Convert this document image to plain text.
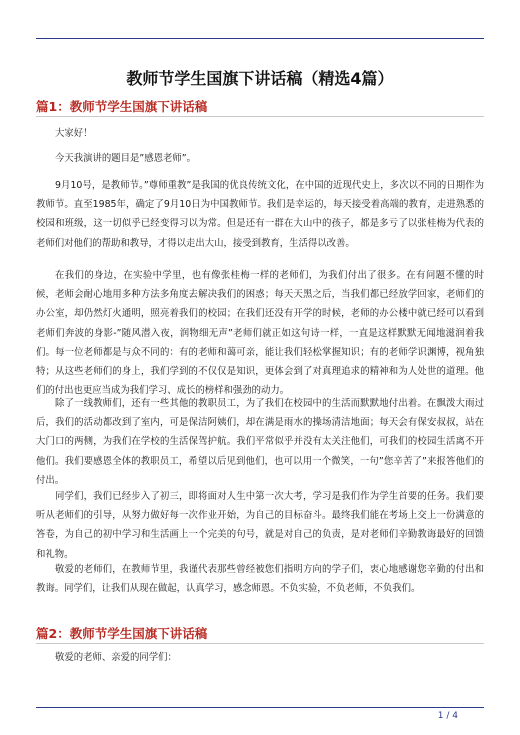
教师节学生国旗下讲话稿（精选4篇）
篇1：教师节学生国旗下讲话稿

大家好！

今天我演讲的题目是”感恩老师”。

9月10号，是教师节。”尊师重教”是我国的优良传统文化，在中国的近现代史上，多次以不同的日期作为教师节。直至1985年，确定了9月10日为中国教师节。我们是幸运的，每天接受着高端的教育，走进熟悉的校园和班级，这一切似乎已经变得习以为常。但是还有一群在大山中的孩子，都是多亏了以张桂梅为代表的老师们对他们的帮助和教导，才得以走出大山，接受到教育，生活得以改善。

在我们的身边，在实验中学里，也有像张桂梅一样的老师们，为我们付出了很多。在有问题不懂的时候，老师会耐心地用多种方法多角度去解决我们的困惑；每天天黑之后，当我们都已经放学回家，老师们的办公室，却仍然灯火通明，照亮着我们的校园；在我们还没有开学的时候，老师的办公楼中就已经可以看到老师们奔波的身影-”随风潜入夜，润物细无声”老师们就正如这句诗一样，一直是这样默默无闻地滋润着我们。每一位老师都是与众不同的：有的老师和蔼可亲，能让我们轻松掌握知识；有的老师学识渊博，视角独特；从这些老师们的身上，我们学到的不仅仅是知识，更体会到了对真理追求的精神和为人处世的道理。他们的付出也更应当成为我们学习、成长的榜样和强劲的动力。

除了一线教师们，还有一些其他的教职员工，为了我们在校园中的生活而默默地付出着。在飘泼大雨过后，我们的活动都改到了室内，可是保洁阿姨们，却在满是雨水的操场清洁地面；每天会有保安叔叔，站在大门口的两侧，为我们在学校的生活保驾护航。我们平常似乎并没有太关注他们，可我们的校园生活离不开他们。我们要感恩全体的教职员工，希望以后见到他们，也可以用一个微笑，一句”您辛苦了”来报答他们的付出。

同学们，我们已经步入了初三，即将面对人生中第一次大考，学习是我们作为学生首要的任务。我们要听从老师们的引导，从努力做好每一次作业开始，为自己的目标奋斗。最终我们能在考场上交上一份满意的答卷，为自己的初中学习和生活画上一个完美的句号，就是对自己的负责，是对老师们辛勤教诲最好的回馈和礼物。

敬爱的老师们，在教师节里，我谨代表那些曾经被您们指明方向的学子们，衷心地感谢您辛勤的付出和教诲。同学们，让我们从现在做起，认真学习，感念师恩。不负实验，不负老师，不负我们。

篇2：教师节学生国旗下讲话稿

敬爱的老师、亲爱的同学们：

1 / 4
